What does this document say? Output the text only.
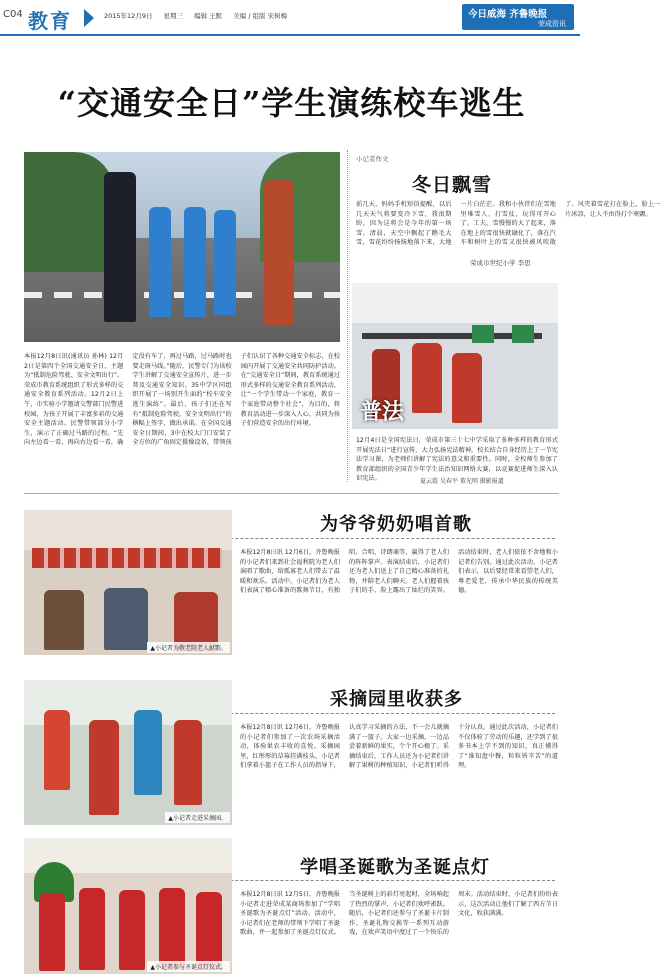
C04 教育	2015年12月9日 星期三 编辑 王默 美编 / 组版 宋树梅	今日威海 齐鲁晚报
荣成资讯
“交通安全日”学生演练校车逃生
本报12月8日讯(通讯员 孙林) 12月2日是第四个全国交通安全日，主题为“抵制危险驾驶、安全文明出行”。荣成市教育系统组织了形式多样的交通安全教育系列活动。12月2日上午，市实验小学邀请交警部门民警进校园，为孩子开展了丰富多彩的交通安全主题活动。民警带领部分小学生，演示了正确过马路的过程。“先向左边看一看，再向右边看一看，确定没有车了，再过马路，过马路时也要走斑马线。”随后，民警专门为该校学生讲解了交通安全宣传片，进一步普及交通安全知识。35中学区同组织开展了一场别开生面的“校车安全逃生演练”。最后，孩子们还在写有“抵制危险驾驶，安全文明出行”的横幅上签字，做出承诺。在全国交通安全日期间，3中在校大门口安装了全方位的广角固定摄像设备，带领孩子们认识了各种交通安全标志，在校园内开展了交通安全共同防护活动。在“交通安全日”期间，教育系统通过形式多样的交通安全教育系列活动，让“一个学生带动一个家庭，教育一个家庭带动整个社会”，为目的，将教育活动进一步深入人心，共同为孩子们营造安全的出行环境。
小记者作文
冬日飘雪
前几天，妈妈手机短信提醒，以后几天天气将要变冷下雪，我很期盼，因为这将会是今年的第一场雪。清晨，天空中飘起了鹅毛大雪，雪花纷纷扬扬地落下来，大地一片白茫茫。我和小伙伴们在雪地里堆雪人、打雪仗，玩得可开心了。工夫，雪慢慢的大了起来，落在地上的雪很快就融化了，落在汽车和树叶上的雪又很快被风吹散了。风夹着雪花打在脸上，脸上一片冰凉，让人不由得打个寒颤。
荣成市世纪小学 李思
普法
12月4日是全国宪法日，荣成市第三十七中学采取了多种多样的教育形式开展宪法日“进行宣传，大力弘扬宪法精神，校长结合自身经历上了一节宪法学习课，为老师们讲解了宪法的意义和重要性。同时，全校师生参加了教育部组织的全国青少年学生法治知识网络大赛，以竞赛促进师生深入认识宪法。	夏云霞 吴春平 董光明 摄影报道
为爷爷奶奶唱首歌
▲小记者为敬老院老人献歌。
本报12月8日讯 12月6日，齐鲁晚报的小记者们来到社会福利院为老人们演唱了歌曲，给孤寡老人们带去了温暖和欢乐。活动中，小记者们为老人们表演了精心准备的歌舞节目，有独唱、合唱、诗朗诵等，赢得了老人们的阵阵掌声。表演结束后，小记者们还为老人们送上了自己精心准备的礼物，并陪老人们聊天。老人们握着孩子们的手，脸上露出了灿烂的笑容。活动结束时，老人们依依不舍地和小记者们告别。通过此次活动，小记者们表示，以后要经常来看望老人们，尊老爱老，传承中华民族的传统美德。
采摘园里收获多
▲小记者走进采摘园。
本报12月8日讯 12月6日，齐鲁晚报的小记者们参加了一次农场采摘活动，体验果农丰收的喜悦。采摘园里，红彤彤的草莓挂满枝头，小记者们拿着小篮子在工作人员的指导下，认真学习采摘的方法，不一会儿就摘满了一篮子。大家一边采摘，一边品尝着新鲜的果实，个个开心极了。采摘结束后，工作人员还为小记者们讲解了果树的种植知识，小记者们听得十分认真。通过此次活动，小记者们不仅体验了劳动的乐趣，还学到了很多书本上学不到的知识，真正懂得了“谁知盘中餐，粒粒皆辛苦”的道理。
学唱圣诞歌为圣诞点灯
▲小记者参与圣诞点灯仪式。
本报12月8日讯 12月5日，齐鲁晚报小记者走进荣成某商场参加了“学唱圣诞歌为圣诞点灯”活动。活动中，小记者们在老师的带领下学唱了圣诞歌曲，并一起参加了圣诞点灯仪式。当圣诞树上的彩灯亮起时，全场响起了热烈的掌声，小记者们欢呼雀跃。随后，小记者们还参与了圣诞卡片制作、圣诞礼物交换等一系列互动游戏，在欢声笑语中度过了一个快乐的周末。活动结束时，小记者们纷纷表示，这次活动让他们了解了西方节日文化，收获满满。
